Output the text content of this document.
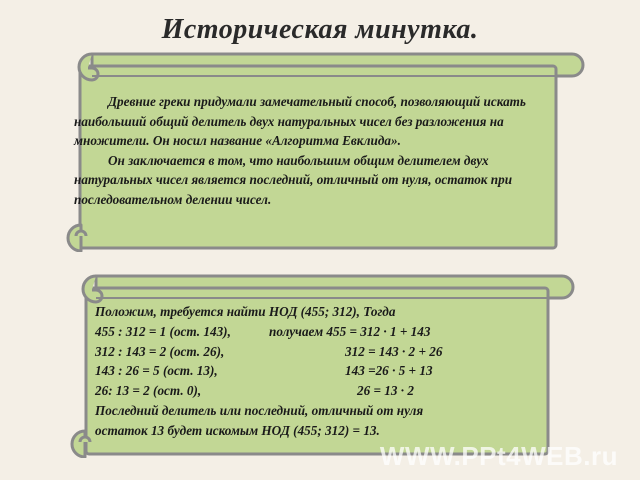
Историческая минутка.

Древние греки придумали замечательный способ, позволяющий искать наибольший общий делитель двух натуральных чисел без разложения на множители. Он носил название «Алгоритма Евклида».

Он заключается в том, что наибольшим общим делителем двух натуральных чисел является последний, отличный от нуля, остаток при последовательном делении чисел.

Положим, требуется найти НОД (455; 312), Тогда
455 : 312 = 1 (ост. 143),	получаем 455 = 312 · 1 + 143
312 : 143 = 2 (ост. 26),	312 = 143 · 2 + 26
143 : 26 = 5 (ост. 13),	143 =26 · 5 + 13
26: 13 = 2 (ост. 0),	26 = 13 · 2
Последний делитель или последний, отличный от нуля
остаток 13 будет искомым НОД (455; 312) = 13.
WWW.PPt4WEB.ru
